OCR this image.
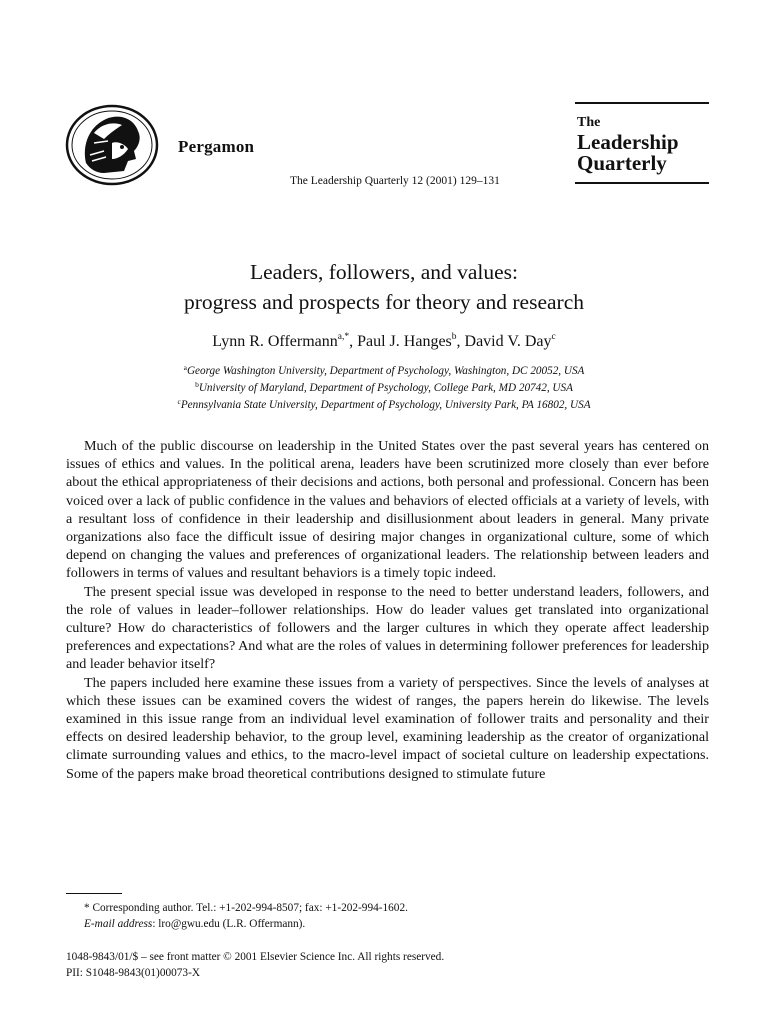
Pergamon
The Leadership Quarterly 12 (2001) 129–131
The
Leadership
Quarterly
Leaders, followers, and values:
progress and prospects for theory and research
Lynn R. Offermann$^{a,*}$, Paul J. Hanges$^b$, David V. Day$^c$
$^a$George Washington University, Department of Psychology, Washington, DC 20052, USA
$^b$University of Maryland, Department of Psychology, College Park, MD 20742, USA
$^c$Pennsylvania State University, Department of Psychology, University Park, PA 16802, USA

Much of the public discourse on leadership in the United States over the past several years has centered on issues of ethics and values. In the political arena, leaders have been scrutinized more closely than ever before about the ethical appropriateness of their decisions and actions, both personal and professional. Concern has been voiced over a lack of public confidence in the values and behaviors of elected officials at a variety of levels, with a resultant loss of confidence in their leadership and disillusionment about leaders in general. Many private organizations also face the difficult issue of desiring major changes in organizational culture, some of which depend on changing the values and preferences of organizational leaders. The relationship between leaders and followers in terms of values and resultant behaviors is a timely topic indeed.

The present special issue was developed in response to the need to better understand leaders, followers, and the role of values in leader–follower relationships. How do leader values get translated into organizational culture? How do characteristics of followers and the larger cultures in which they operate affect leadership preferences and expectations? And what are the roles of values in determining follower preferences for leadership and leader behavior itself?

The papers included here examine these issues from a variety of perspectives. Since the levels of analyses at which these issues can be examined covers the widest of ranges, the papers herein do likewise. The levels examined in this issue range from an individual level examination of follower traits and personality and their effects on desired leadership behavior, to the group level, examining leadership as the creator of organizational climate surrounding values and ethics, to the macro-level impact of societal culture on leadership expectations. Some of the papers make broad theoretical contributions designed to stimulate future

* Corresponding author. Tel.: +1-202-994-8507; fax: +1-202-994-1602.
E-mail address: lro@gwu.edu (L.R. Offermann).
1048-9843/01/$ – see front matter © 2001 Elsevier Science Inc. All rights reserved.
PII: S1048-9843(01)00073-X
